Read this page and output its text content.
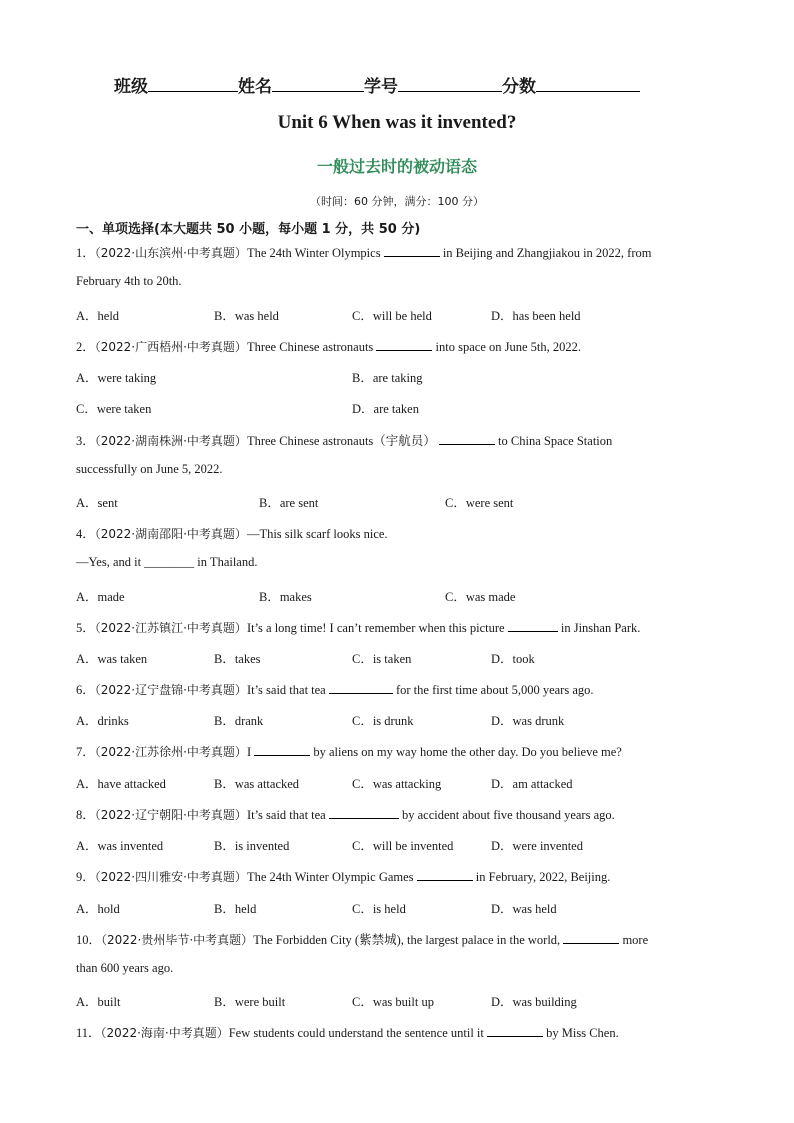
班级	姓名	学号	分数
Unit 6 When was it invented?
一般过去时的被动语态
（时间：60 分钟，满分：100 分）
一、单项选择(本大题共 50 小题，每小题 1 分，共 50 分)
1．（2022·山东滨州·中考真题）The 24th Winter Olympics	in Beijing and Zhangjiakou in 2022, from
February 4th to 20th.
A．held	B．was held	C．will be held	D．has been held
2．（2022·广西梧州·中考真题）Three Chinese astronauts	into space on June 5th, 2022.
A．were taking	B．are taking
C．were taken	D．are taken
3．（2022·湖南株洲·中考真题）Three Chinese astronauts（宇航员）	to China Space Station
successfully on June 5, 2022.
A．sent	B．are sent	C．were sent
4．（2022·湖南邵阳·中考真题）—This silk scarf looks nice.
—Yes, and it ________ in Thailand.
A．made	B．makes	C．was made
5．（2022·江苏镇江·中考真题）It’s a long time! I can’t remember when this picture	in Jinshan Park.
A．was taken	B．takes	C．is taken	D．took
6．（2022·辽宁盘锦·中考真题）It’s said that tea	for the first time about 5,000 years ago.
A．drinks	B．drank	C．is drunk	D．was drunk
7．（2022·江苏徐州·中考真题）I	by aliens on my way home the other day. Do you believe me?
A．have attacked	B．was attacked	C．was attacking	D．am attacked
8．（2022·辽宁朝阳·中考真题）It’s said that tea	by accident about five thousand years ago.
A．was invented	B．is invented	C．will be invented	D．were invented
9．（2022·四川雅安·中考真题）The 24th Winter Olympic Games	in February, 2022, Beijing.
A．hold	B．held	C．is held	D．was held
10．（2022·贵州毕节·中考真题）The Forbidden City (紫禁城), the largest palace in the world,	more
than 600 years ago.
A．built	B．were built	C．was built up	D．was building
11．（2022·海南·中考真题）Few students could understand the sentence until it	by Miss Chen.
